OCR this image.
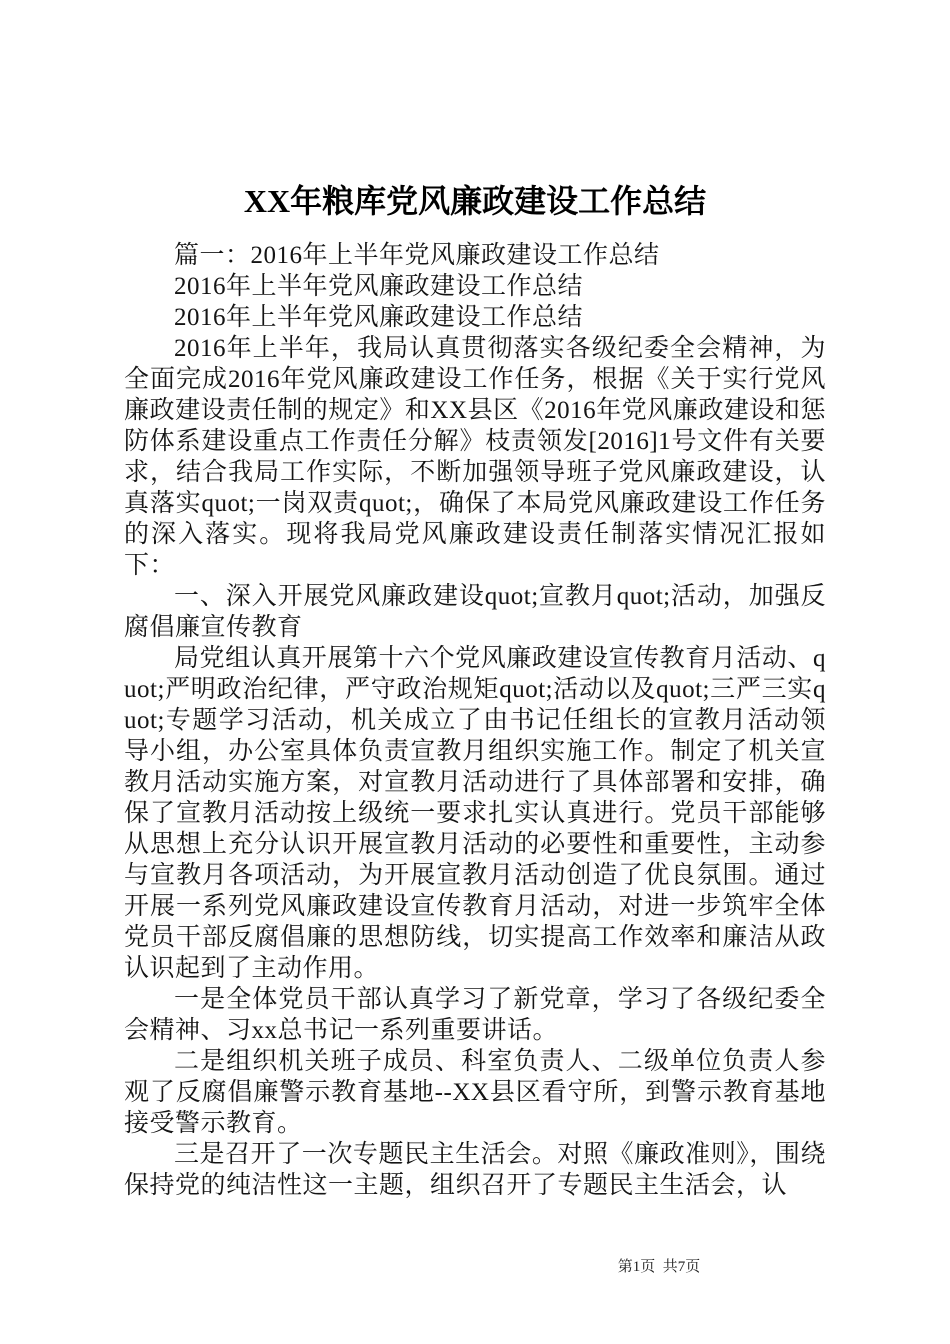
XX年粮库党风廉政建设工作总结

篇一：2016年上半年党风廉政建设工作总结

2016年上半年党风廉政建设工作总结

2016年上半年党风廉政建设工作总结

2016年上半年，我局认真贯彻落实各级纪委全会精神，为全面完成2016年党风廉政建设工作任务，根据《关于实行党风廉政建设责任制的规定》和XX县区《2016年党风廉政建设和惩防体系建设重点工作责任分解》枝责领发[2016]1号文件有关要求，结合我局工作实际，不断加强领导班子党风廉政建设，认真落实quot;一岗双责quot;，确保了本局党风廉政建设工作任务的深入落实。现将我局党风廉政建设责任制落实情况汇报如下：

一、深入开展党风廉政建设quot;宣教月quot;活动，加强反腐倡廉宣传教育

局党组认真开展第十六个党风廉政建设宣传教育月活动、quot;严明政治纪律，严守政治规矩quot;活动以及quot;三严三实quot;专题学习活动，机关成立了由书记任组长的宣教月活动领导小组，办公室具体负责宣教月组织实施工作。制定了机关宣教月活动实施方案，对宣教月活动进行了具体部署和安排，确保了宣教月活动按上级统一要求扎实认真进行。党员干部能够从思想上充分认识开展宣教月活动的必要性和重要性，主动参与宣教月各项活动，为开展宣教月活动创造了优良氛围。通过开展一系列党风廉政建设宣传教育月活动，对进一步筑牢全体党员干部反腐倡廉的思想防线，切实提高工作效率和廉洁从政认识起到了主动作用。

一是全体党员干部认真学习了新党章，学习了各级纪委全会精神、习xx总书记一系列重要讲话。

二是组织机关班子成员、科室负责人、二级单位负责人参观了反腐倡廉警示教育基地--XX县区看守所，到警示教育基地接受警示教育。

三是召开了一次专题民主生活会。对照《廉政准则》，围绕保持党的纯洁性这一主题，组织召开了专题民主生活会，认

第1页  共7页
